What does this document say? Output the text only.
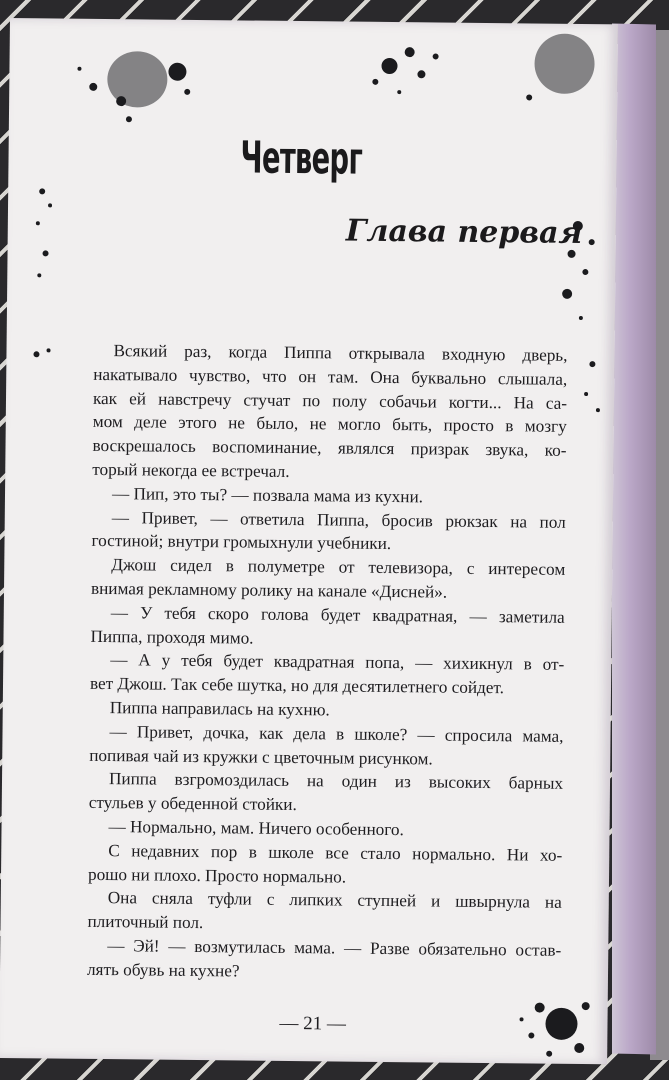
Четверг
Глава первая
Всякий раз, когда Пиппа открывала входную дверь,
накатывало чувство, что он там. Она буквально слышала,
как ей навстречу стучат по полу собачьи когти... На са-
мом деле этого не было, не могло быть, просто в мозгу
воскрешалось воспоминание, являлся призрак звука, ко-
торый некогда ее встречал.
— Пип, это ты? — позвала мама из кухни.
— Привет, — ответила Пиппа, бросив рюкзак на пол
гостиной; внутри громыхнули учебники.
Джош сидел в полуметре от телевизора, с интересом
внимая рекламному ролику на канале «Дисней».
— У тебя скоро голова будет квадратная, — заметила
Пиппа, проходя мимо.
— А у тебя будет квадратная попа, — хихикнул в от-
вет Джош. Так себе шутка, но для десятилетнего сойдет.
Пиппа направилась на кухню.
— Привет, дочка, как дела в школе? — спросила мама,
попивая чай из кружки с цветочным рисунком.
Пиппа взгромоздилась на один из высоких барных
стульев у обеденной стойки.
— Нормально, мам. Ничего особенного.
С недавних пор в школе все стало нормально. Ни хо-
рошо ни плохо. Просто нормально.
Она сняла туфли с липких ступней и швырнула на
плиточный пол.
— Эй! — возмутилась мама. — Разве обязательно остав-
лять обувь на кухне?
— 21 —
